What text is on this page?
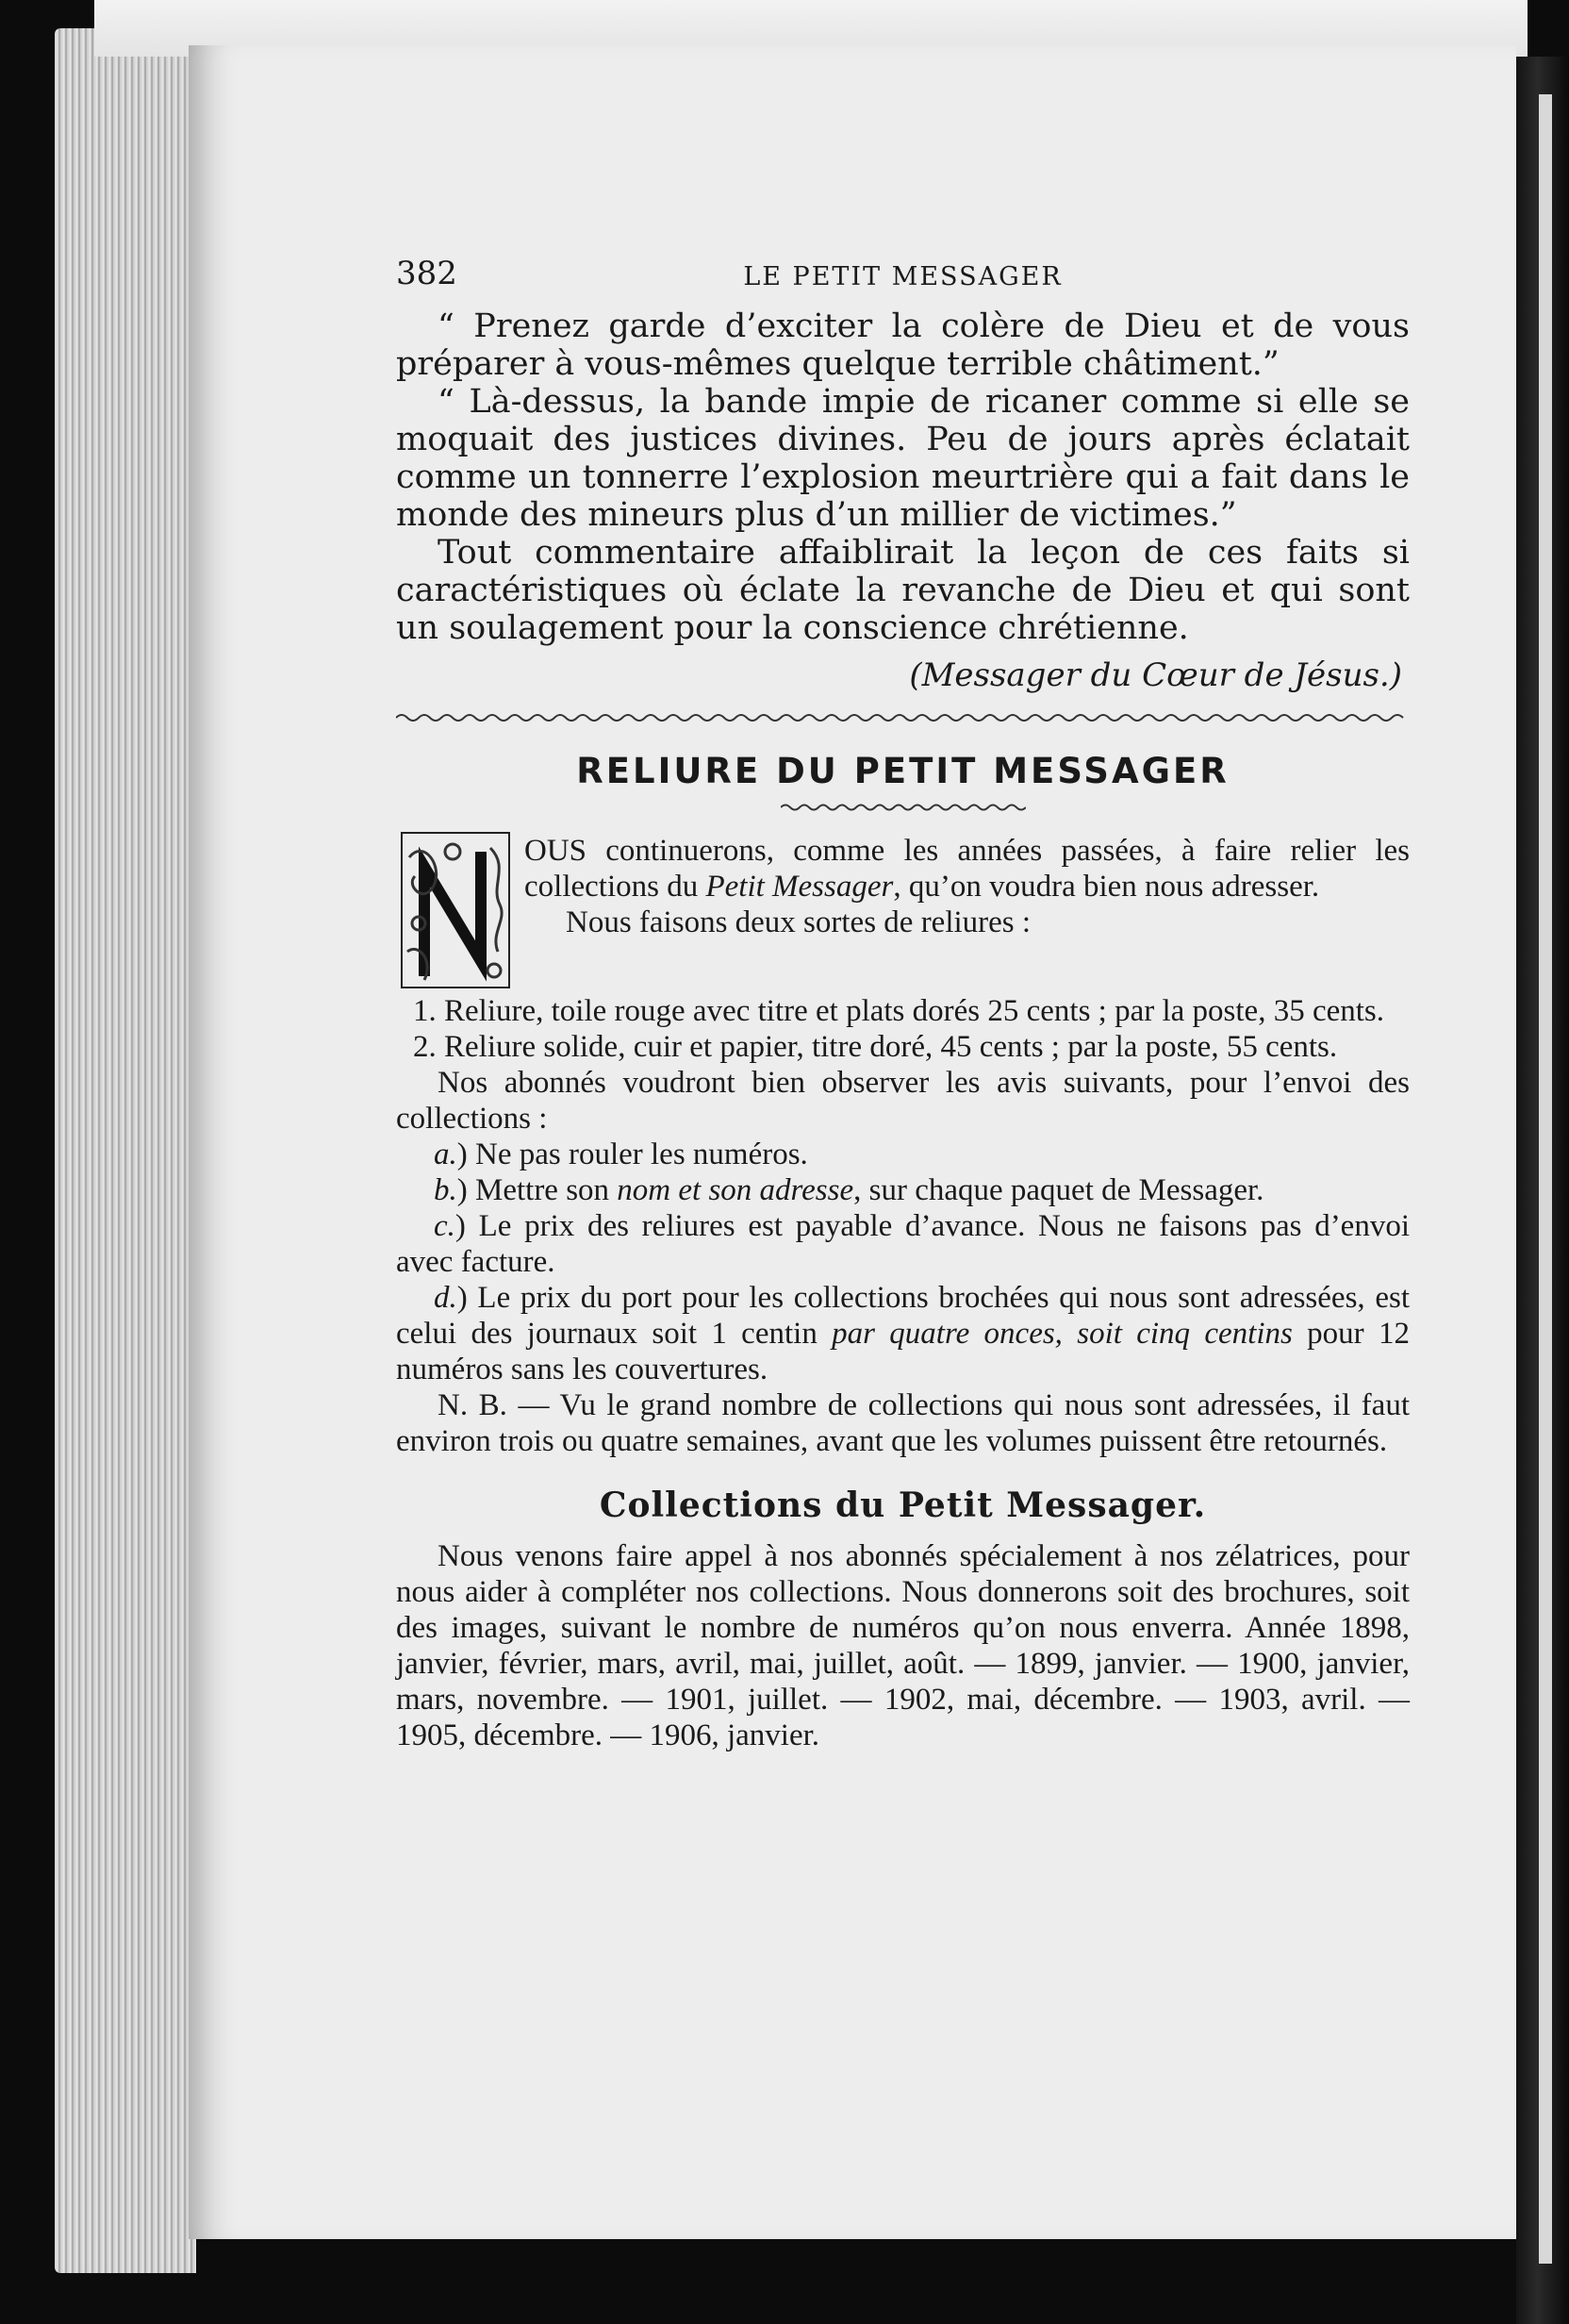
382	LE PETIT MESSAGER

“ Prenez garde d’exciter la colère de Dieu et de vous préparer à vous-mêmes quelque terrible châtiment.”

“ Là-dessus, la bande impie de ricaner comme si elle se moquait des justices divines. Peu de jours après éclatait comme un tonnerre l’explosion meurtrière qui a fait dans le monde des mineurs plus d’un millier de victimes.”

Tout commentaire affaiblirait la leçon de ces faits si caractéristiques où éclate la revanche de Dieu et qui sont un soulagement pour la conscience chrétienne.

(Messager du Cœur de Jésus.)

RELIURE DU PETIT MESSAGER

OUS continuerons, comme les années passées, à faire relier les collections du Petit Messager, qu’on voudra bien nous adresser.

Nous faisons deux sortes de reliures :

1. Reliure, toile rouge avec titre et plats dorés 25 cents ; par la poste, 35 cents.

2. Reliure solide, cuir et papier, titre doré, 45 cents ; par la poste, 55 cents.

Nos abonnés voudront bien observer les avis suivants, pour l’envoi des collections :

a.) Ne pas rouler les numéros.

b.) Mettre son nom et son adresse, sur chaque paquet de Messager.

c.) Le prix des reliures est payable d’avance. Nous ne faisons pas d’envoi avec facture.

d.) Le prix du port pour les collections brochées qui nous sont adressées, est celui des journaux soit 1 centin par quatre onces, soit cinq centins pour 12 numéros sans les couvertures.

N. B. — Vu le grand nombre de collections qui nous sont adressées, il faut environ trois ou quatre semaines, avant que les volumes puissent être retournés.

Collections du Petit Messager.

Nous venons faire appel à nos abonnés spécialement à nos zélatrices, pour nous aider à compléter nos collections. Nous donnerons soit des brochures, soit des images, suivant le nombre de numéros qu’on nous enverra. Année 1898, janvier, février, mars, avril, mai, juillet, août. — 1899, janvier. — 1900, janvier, mars, novembre. — 1901, juillet. — 1902, mai, décembre. — 1903, avril. — 1905, décembre. — 1906, janvier.
